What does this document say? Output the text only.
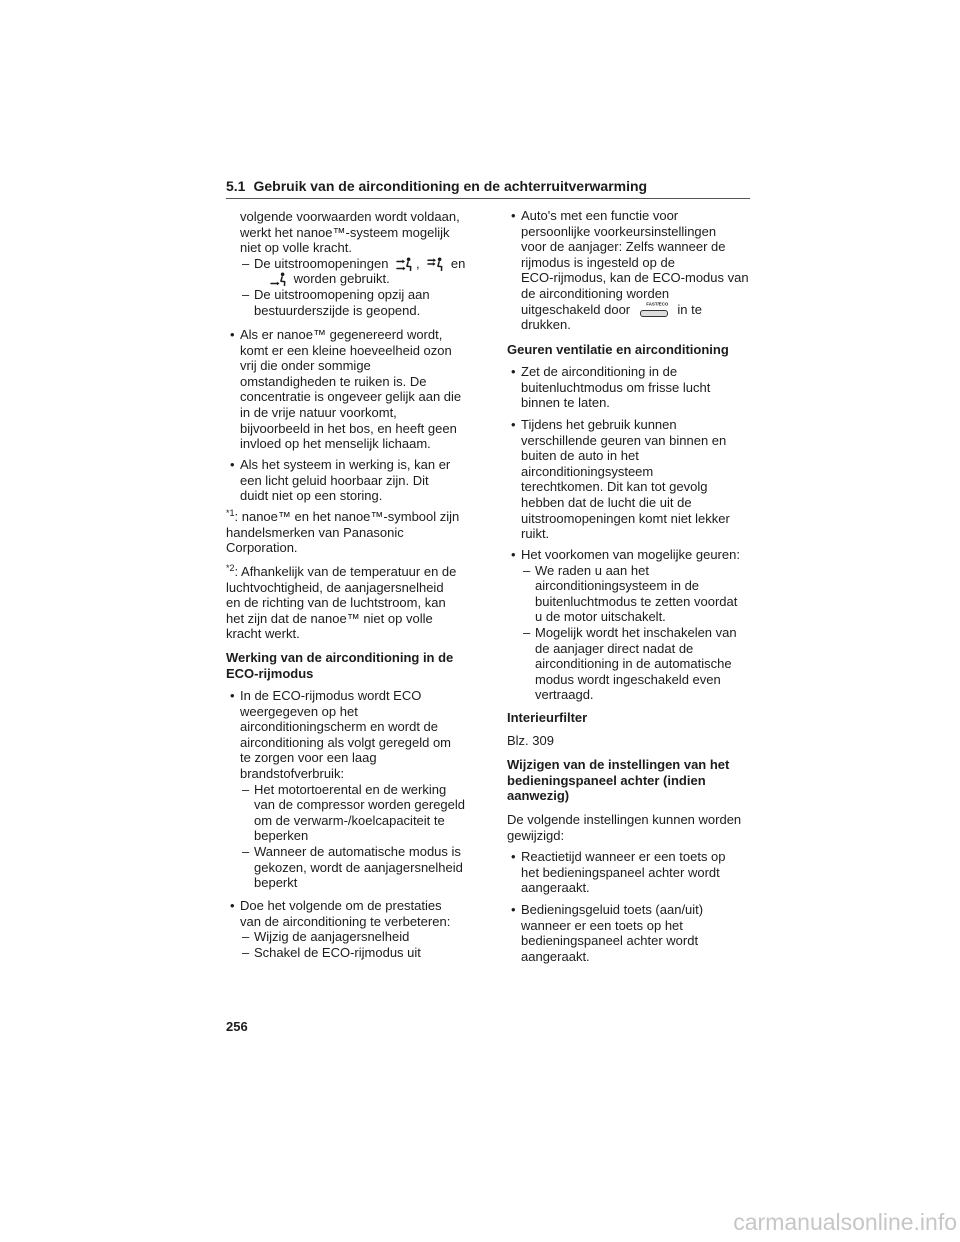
5.1 Gebruik van de airconditioning en de achterruitverwarming
volgende voorwaarden wordt voldaan,
werkt het nanoe™-systeem mogelijk
niet op volle kracht.
– De uitstroomopeningen
,
en
worden gebruikt.
– De uitstroomopening opzij aan
bestuurderszijde is geopend.
• Als er nanoe™ gegenereerd wordt,
komt er een kleine hoeveelheid ozon
vrij die onder sommige
omstandigheden te ruiken is. De
concentratie is ongeveer gelijk aan die
in de vrije natuur voorkomt,
bijvoorbeeld in het bos, en heeft geen
invloed op het menselijk lichaam.
• Als het systeem in werking is, kan er
een licht geluid hoorbaar zijn. Dit
duidt niet op een storing.
$^{*1}$: nanoe™ en het nanoe™-symbool zijn
handelsmerken van Panasonic
Corporation.
$^{*2}$: Afhankelijk van de temperatuur en de
luchtvochtigheid, de aanjagersnelheid
en de richting van de luchtstroom, kan
het zijn dat de nanoe™ niet op volle
kracht werkt.
Werking van de airconditioning in de
ECO-rijmodus
• In de ECO-rijmodus wordt ECO
weergegeven op het
airconditioningscherm en wordt de
airconditioning als volgt geregeld om
te zorgen voor een laag
brandstofverbruik:
– Het motortoerental en de werking
van de compressor worden geregeld
om de verwarm-/koelcapaciteit te
beperken
– Wanneer de automatische modus is
gekozen, wordt de aanjagersnelheid
beperkt
• Doe het volgende om de prestaties
van de airconditioning te verbeteren:
– Wijzig de aanjagersnelheid
– Schakel de ECO-rijmodus uit
• Auto's met een functie voor
persoonlijke voorkeursinstellingen
voor de aanjager: Zelfs wanneer de
rijmodus is ingesteld op de
ECO-rijmodus, kan de ECO-modus van
de airconditioning worden
uitgeschakeld door FAST/ECO in te
drukken.
Geuren ventilatie en airconditioning
• Zet de airconditioning in de
buitenluchtmodus om frisse lucht
binnen te laten.
• Tijdens het gebruik kunnen
verschillende geuren van binnen en
buiten de auto in het
airconditioningsysteem
terechtkomen. Dit kan tot gevolg
hebben dat de lucht die uit de
uitstroomopeningen komt niet lekker
ruikt.
• Het voorkomen van mogelijke geuren:
– We raden u aan het
airconditioningsysteem in de
buitenluchtmodus te zetten voordat
u de motor uitschakelt.
– Mogelijk wordt het inschakelen van
de aanjager direct nadat de
airconditioning in de automatische
modus wordt ingeschakeld even
vertraagd.
Interieurfilter
Blz. 309
Wijzigen van de instellingen van het
bedieningspaneel achter (indien
aanwezig)
De volgende instellingen kunnen worden
gewijzigd:
• Reactietijd wanneer er een toets op
het bedieningspaneel achter wordt
aangeraakt.
• Bedieningsgeluid toets (aan/uit)
wanneer er een toets op het
bedieningspaneel achter wordt
aangeraakt.
256
carmanualsonline.info
